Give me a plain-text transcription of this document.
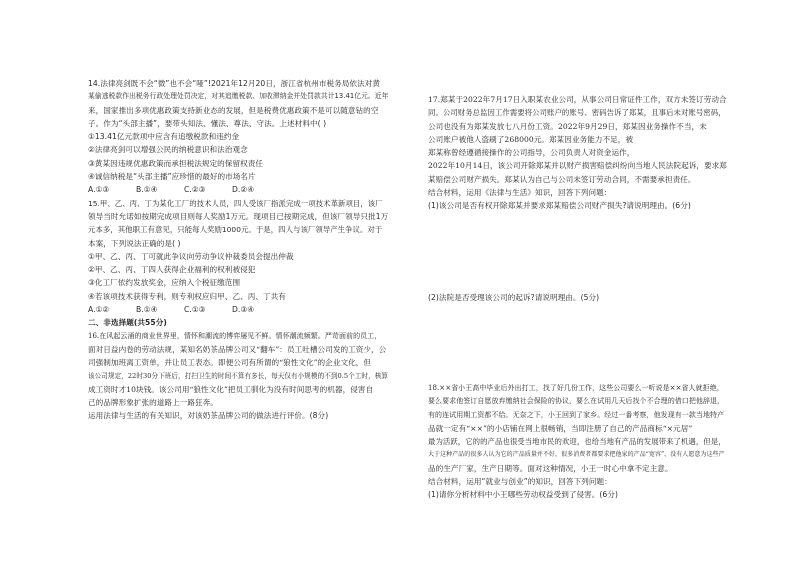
14.法律亮剑既不会“微”也不会“哑”!2021年12月20日，浙江省杭州市税务局依法对黄
某偷逃税款作出税务行政处理处罚决定，对其追缴税款、加收滞纳金并处罚款共计13.41亿元。近年
来，国家推出多项优惠政策支持新业态的发展，但是税费优惠政策不是可以随意钻的空
子。作为“头部主播”，要带头知法、懂法、尊法、守法。上述材料中( )
①13.41亿元款项中应含有追缴税款和违约金
②法律亮剑可以增强公民的纳税意识和法治观念
③黄某因违规优惠政策而承担税法规定的保留权责任
④诚信纳税是“头部主播”应珍惜的最好的市场名片
A.①③	B.①④	C.②③	D.②④
15.甲、乙、丙、丁为某化工厂的技术人员，四人受该厂指派完成一项技术革新项目，该厂
领导当时允诺如按期完成项目则每人奖励1万元。现项目已按期完成，但该厂领导只批1万
元本多，其他职工有意见，只能每人奖励1000元。于是，四人与该厂领导产生争议。对于
本案，下列说法正确的是( )
①甲、乙、丙、丁可就此争议向劳动争议仲裁委员会提出仲裁
②甲、乙、丙、丁四人获得企业福利的权利被侵犯
③化工厂依约发放奖金，应纳入个税征缴范围
④若该项技术获得专利，则专利权应归甲、乙、丙、丁共有
A.①②	B.①④	C.①③	D.③④
二、非选择题(共55分)
16.在风起云涌的商业世界里，情怀和潮流的博弈屡见不鲜。情怀潮流频繁。严苛面前的员工，
面对日益内卷的劳动法规，某知名奶茶品牌公司又“翻车”：员工吐槽公司发的工资少，公
司强制加班离工资单，并让员工表态。即便公司有所谓的“狼性文化”的企业文化，但
该公司规定，22时30分下班后，打扫卫生的时间不算有多长，每天仅有小规模的不到0.5个工时，核算
成工资时才10块钱。该公司用“狼性文化”把员工驯化为没有时间思考的机器，侵害自
己的品牌形象扩张的道路上一路狂奔。
运用法律与生活的有关知识，对该奶茶品牌公司的做法进行评价。(8分)
17.郑某于2022年7月17日入职某农业公司，从事公司日常证件工作，双方未签订劳动合
同。公司财务总监因工作需要将公司账户的账号、密码告诉了郑某，且事后未对账号密码，
公司也没有为郑某发放七八月份工资。2022年9月29日，郑某因业务操作不当，未
公司账户被他人盗刷了268000元。郑某因业务能力不足，被
郑某称曾经遵循接操作的公司指导，公司负责人对资金运作，
2022年10月14日，该公司开除郑某并以财产损害赔偿纠纷向当地人民法院起诉，要求郑
某赔偿公司财产损失。郑某认为自己与公司未签订劳动合同，不需要承担责任。
结合材料，运用《法律与生活》知识，回答下列问题：
(1)该公司是否有权开除郑某并要求郑某赔偿公司财产损失?请说明理由。(6分)
(2)法院是否受理该公司的起诉?请说明理由。(5分)
18.××省小王高中毕业后外出打工，找了好几份工作，这些公司要么一听说是××省人就拒绝，
要么要求他签订自愿放弃缴纳社会保险的协议，要么在试用几天后找个不合理的借口把他辞退，
有的连试用期工资都不给。无奈之下，小王回到了家乡。经过一番考察，他发现有一款当地特产
品就一定有“××”的小店铺在网上很畅销，当即注册了自己的产品商标“×元居”
最为活跃，它的的产品也很受当地市民的欢迎，也给当地有产品的发展带来了机遇，但是，
大于这种产品的很多人认为它的产品质量并不好，很多消费者都要求把他家的产品“宽容”，没有人愿意为这些产
品的生产厂家，生产日期等。面对这种情况，小王一时心中拿不定主意。
结合材料，运用“就业与创业”的知识，回答下列问题：
(1)请你分析材料中小王哪些劳动权益受到了侵害。(6分)
